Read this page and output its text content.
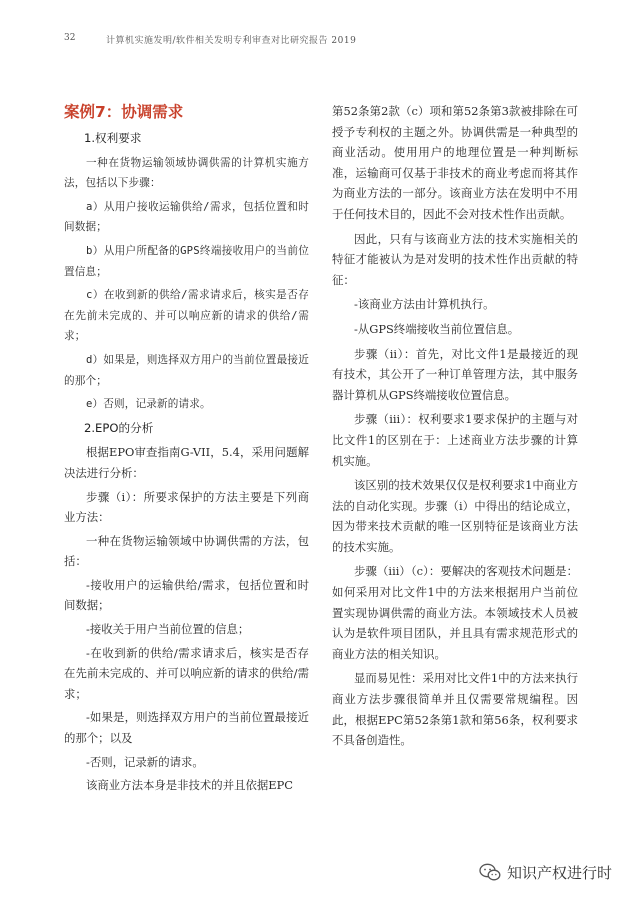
32	计算机实施发明/软件相关发明专利审查对比研究报告 2019
案例7：协调需求
1.权利要求
一种在货物运输领域协调供需的计算机实施方法，包括以下步骤：
a）从用户接收运输供给/需求，包括位置和时间数据；
b）从用户所配备的GPS终端接收用户的当前位置信息；
c）在收到新的供给/需求请求后，核实是否存在先前未完成的、并可以响应新的请求的供给/需求；
d）如果是，则选择双方用户的当前位置最接近的那个；
e）否则，记录新的请求。
2.EPO的分析
根据EPO审查指南G-VII，5.4，采用问题解决法进行分析：
步骤（i）：所要求保护的方法主要是下列商业方法：
一种在货物运输领域中协调供需的方法，包括：
-接收用户的运输供给/需求，包括位置和时间数据；
-接收关于用户当前位置的信息；
-在收到新的供给/需求请求后，核实是否存在先前未完成的、并可以响应新的请求的供给/需求；
-如果是，则选择双方用户的当前位置最接近的那个；以及
-否则，记录新的请求。
该商业方法本身是非技术的并且依据EPC
第52条第2款（c）项和第52条第3款被排除在可授予专利权的主题之外。协调供需是一种典型的商业活动。使用用户的地理位置是一种判断标准，运输商可仅基于非技术的商业考虑而将其作为商业方法的一部分。该商业方法在发明中不用于任何技术目的，因此不会对技术性作出贡献。
因此，只有与该商业方法的技术实施相关的特征才能被认为是对发明的技术性作出贡献的特征：
-该商业方法由计算机执行。
-从GPS终端接收当前位置信息。
步骤（ii）：首先，对比文件1是最接近的现有技术，其公开了一种订单管理方法，其中服务器计算机从GPS终端接收位置信息。
步骤（iii）：权利要求1要求保护的主题与对比文件1的区别在于：上述商业方法步骤的计算机实施。
该区别的技术效果仅仅是权利要求1中商业方法的自动化实现。步骤（i）中得出的结论成立，因为带来技术贡献的唯一区别特征是该商业方法的技术实施。
步骤（iii）（c）：要解决的客观技术问题是：如何采用对比文件1中的方法来根据用户当前位置实现协调供需的商业方法。本领域技术人员被认为是软件项目团队，并且具有需求规范形式的商业方法的相关知识。
显而易见性：采用对比文件1中的方法来执行商业方法步骤很简单并且仅需要常规编程。因此，根据EPC第52条第1款和第56条，权利要求不具备创造性。
知识产权进行时
